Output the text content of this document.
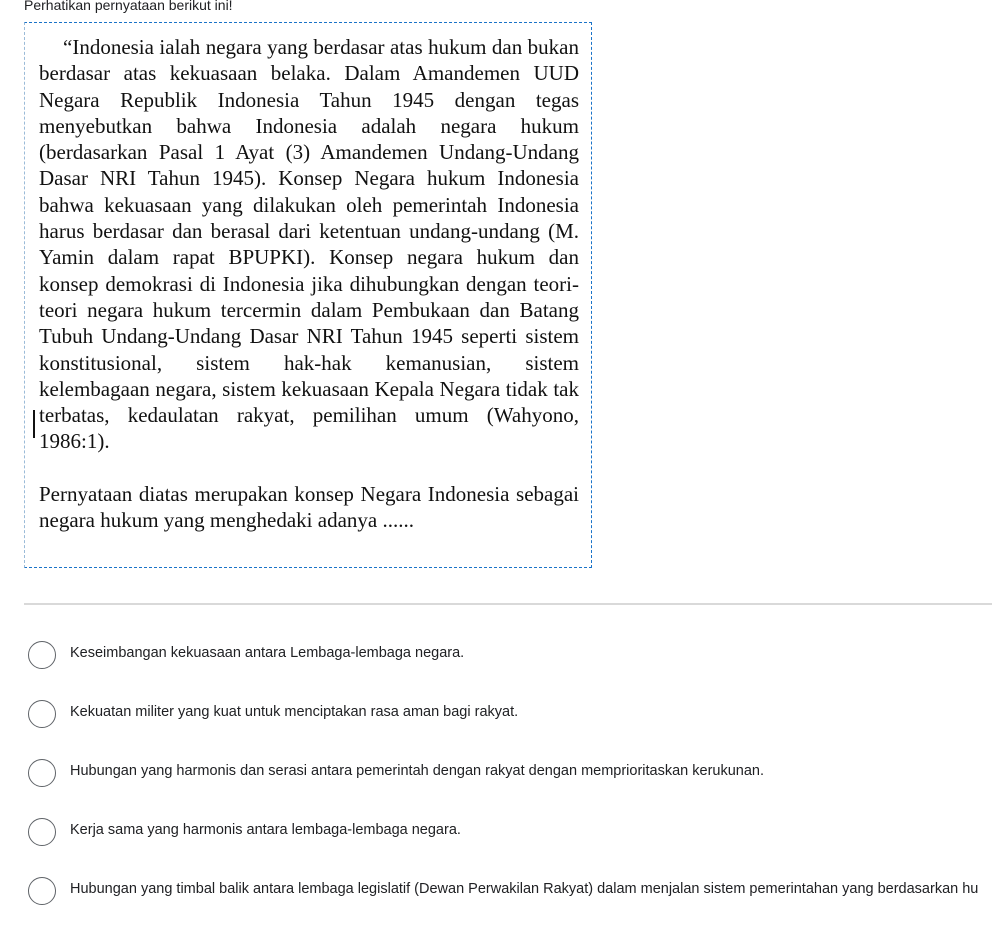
Perhatikan pernyataan berikut ini!

“Indonesia ialah negara yang berdasar atas hukum dan bukan berdasar atas kekuasaan belaka. Dalam Amandemen UUD Negara Republik Indonesia Tahun 1945 dengan tegas menyebutkan bahwa Indonesia adalah negara hukum (berdasarkan Pasal 1 Ayat (3) Amandemen Undang-Undang Dasar NRI Tahun 1945). Konsep Negara hukum Indonesia bahwa kekuasaan yang dilakukan oleh pemerintah Indonesia harus berdasar dan berasal dari ketentuan undang-undang (M. Yamin dalam rapat BPUPKI). Konsep negara hukum dan konsep demokrasi di Indonesia jika dihubungkan dengan teori-teori negara hukum tercermin dalam Pembukaan dan Batang Tubuh Undang-Undang Dasar NRI Tahun 1945 seperti sistem konstitusional, sistem hak-hak kemanusian, sistem kelembagaan negara, sistem kekuasaan Kepala Negara tidak tak terbatas, kedaulatan rakyat, pemilihan umum (Wahyono, 1986:1).

Pernyataan diatas merupakan konsep Negara Indonesia sebagai negara hukum yang menghedaki adanya ......

Keseimbangan kekuasaan antara Lembaga-lembaga negara.
Kekuatan militer yang kuat untuk menciptakan rasa aman bagi rakyat.
Hubungan yang harmonis dan serasi antara pemerintah dengan rakyat dengan memprioritaskan kerukunan.
Kerja sama yang harmonis antara lembaga-lembaga negara.
Hubungan yang timbal balik antara lembaga legislatif (Dewan Perwakilan Rakyat) dalam menjalan sistem pemerintahan yang berdasarkan hu
